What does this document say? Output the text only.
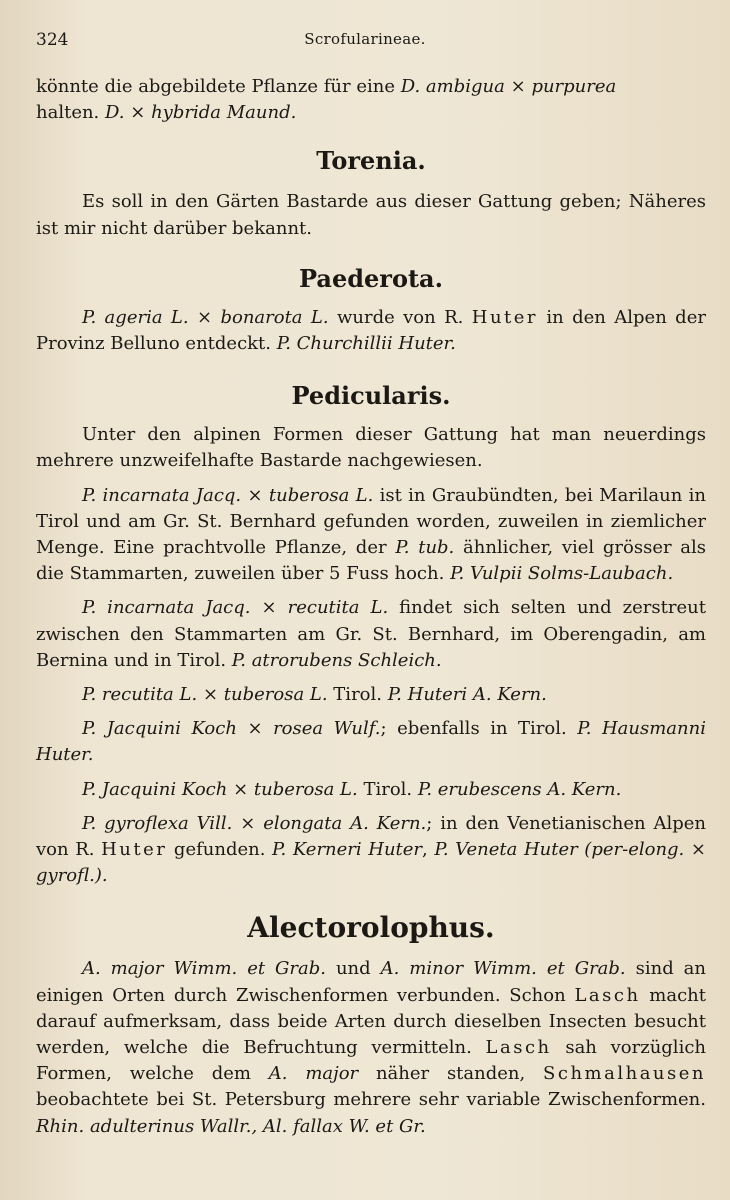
324	Scrofularineae.

könnte die abgebildete Pflanze für eine D. ambigua × purpurea
halten. D. ⨯ hybrida Maund.

Torenia.

Es soll in den Gärten Bastarde aus dieser Gattung geben; Näheres ist mir nicht darüber bekannt.

Paederota.

P. ageria L. × bonarota L. wurde von R. Huter in den Alpen der Provinz Belluno entdeckt. P. Churchillii Huter.

Pedicularis.

Unter den alpinen Formen dieser Gattung hat man neuerdings mehrere unzweifelhafte Bastarde nachgewiesen.

P. incarnata Jacq. × tuberosa L. ist in Graubündten, bei Marilaun in Tirol und am Gr. St. Bernhard gefunden worden, zuweilen in ziemlicher Menge. Eine prachtvolle Pflanze, der P. tub. ähnlicher, viel grösser als die Stammarten, zuweilen über 5 Fuss hoch. P. Vulpii Solms-Laubach.

P. incarnata Jacq. × recutita L. findet sich selten und zerstreut zwischen den Stammarten am Gr. St. Bernhard, im Oberengadin, am Bernina und in Tirol. P. atrorubens Schleich.

P. recutita L. × tuberosa L. Tirol. P. Huteri A. Kern.

P. Jacquini Koch × rosea Wulf.; ebenfalls in Tirol. P. Hausmanni Huter.

P. Jacquini Koch × tuberosa L. Tirol. P. erubescens A. Kern.

P. gyroflexa Vill. × elongata A. Kern.; in den Venetianischen Alpen von R. Huter gefunden. P. Kerneri Huter, P. Veneta Huter (per-elong. × gyrofl.).

Alectorolophus.

A. major Wimm. et Grab. und A. minor Wimm. et Grab. sind an einigen Orten durch Zwischenformen verbunden. Schon Lasch macht darauf aufmerksam, dass beide Arten durch dieselben Insecten besucht werden, welche die Befruchtung vermitteln. Lasch sah vorzüglich Formen, welche dem A. major näher standen, Schmalhausen beobachtete bei St. Petersburg mehrere sehr variable Zwischenformen. Rhin. adulterinus Wallr., Al. fallax W. et Gr.
